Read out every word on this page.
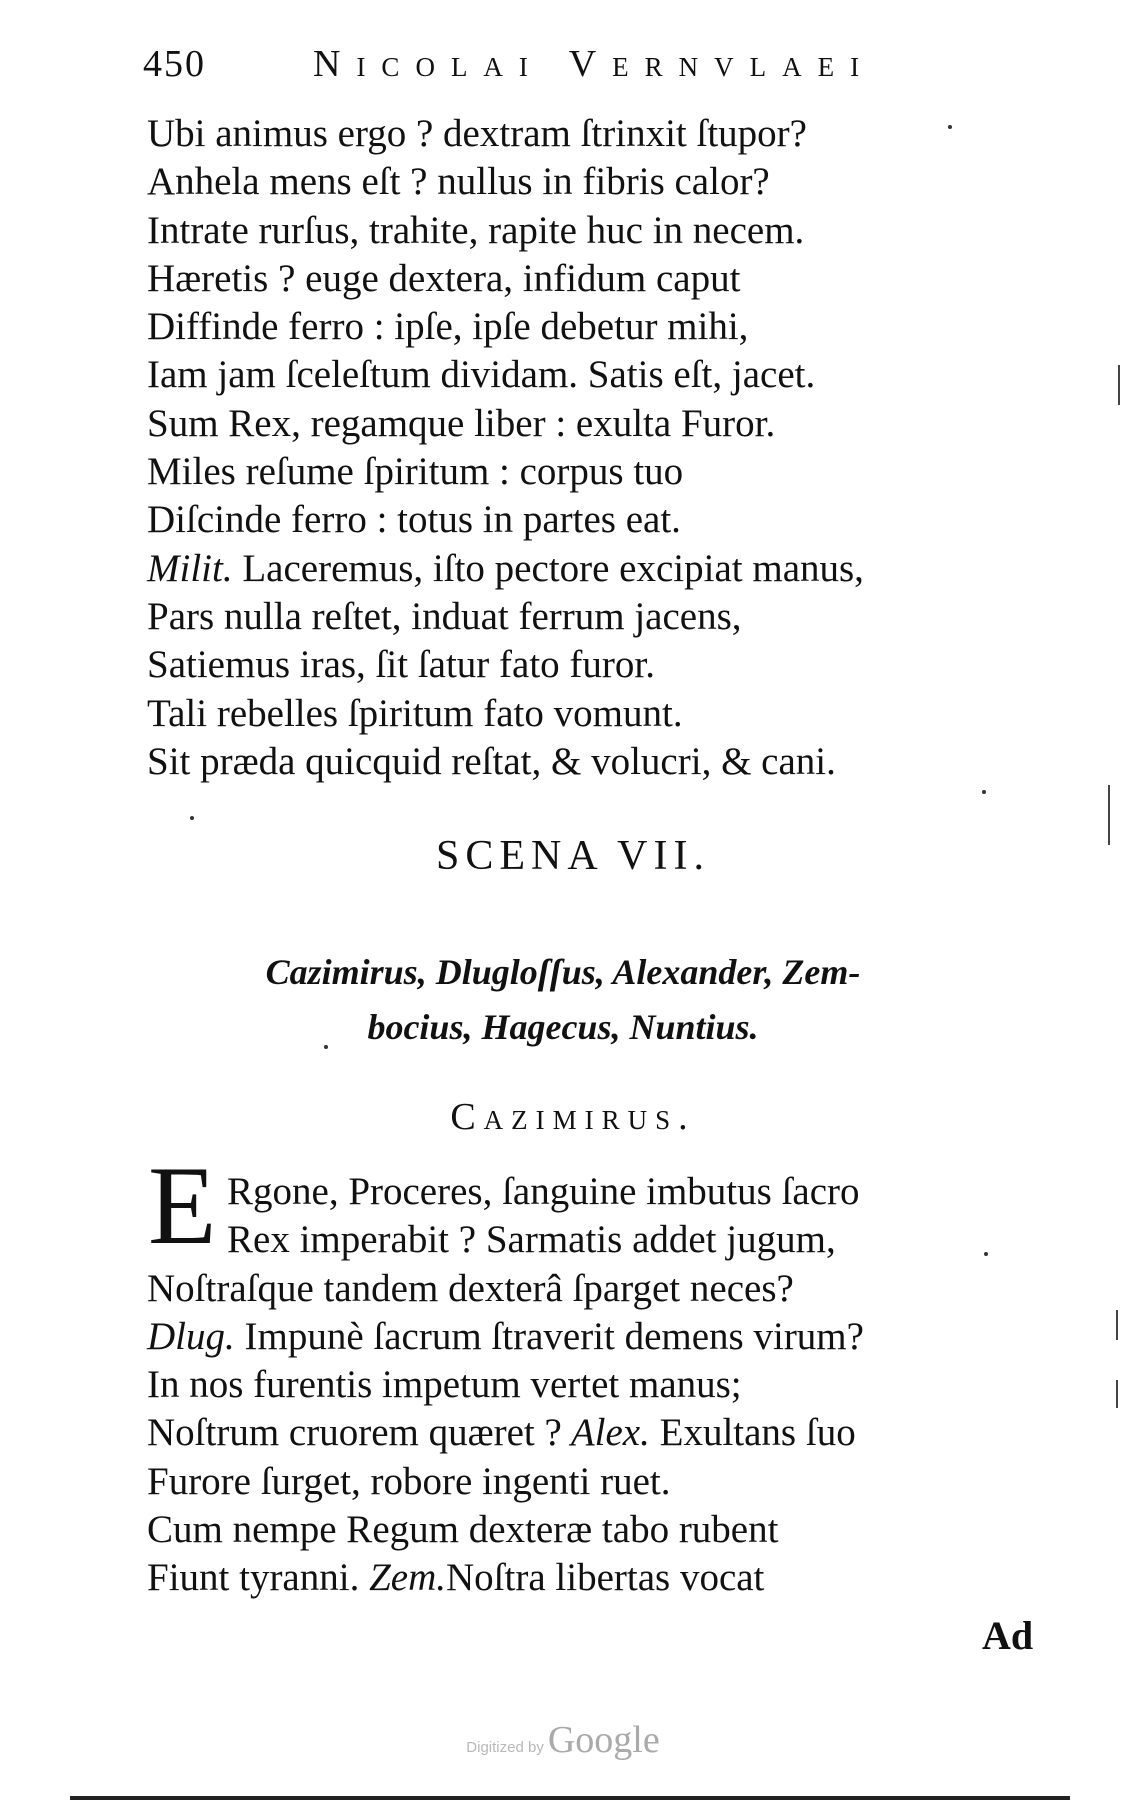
450	Nicolai Vernvlaei
Ubi animus ergo ? dextram ſtrinxit ſtupor?
Anhela mens eſt ? nullus in fibris calor?
Intrate rurſus, trahite, rapite huc in necem.
Hæretis ? euge dextera, infidum caput
Diffinde ferro : ipſe, ipſe debetur mihi,
Iam jam ſceleſtum dividam. Satis eſt, jacet.
Sum Rex, regamque liber : exulta Furor.
Miles reſume ſpiritum : corpus tuo
Diſcinde ferro : totus in partes eat.
Milit. Laceremus, iſto pectore excipiat manus,
Pars nulla reſtet, induat ferrum jacens,
Satiemus iras, ſit ſatur fato furor.
Tali rebelles ſpiritum fato vomunt.
Sit præda quicquid reſtat, & volucri, & cani.
SCENA VII.
Cazimirus, Dlugloſſus, Alexander, Zem-
bocius, Hagecus, Nuntius.
Cazimirus.
E Rgone, Proceres, ſanguine imbutus ſacro
Rex imperabit ? Sarmatis addet jugum,
Noſtraſque tandem dexterâ ſparget neces?
Dlug. Impunè ſacrum ſtraverit demens virum?
In nos furentis impetum vertet manus;
Noſtrum cruorem quæret ? Alex. Exultans ſuo
Furore ſurget, robore ingenti ruet.
Cum nempe Regum dexteræ tabo rubent
Fiunt tyranni. Zem.Noſtra libertas vocat
Ad
Digitized by Google
